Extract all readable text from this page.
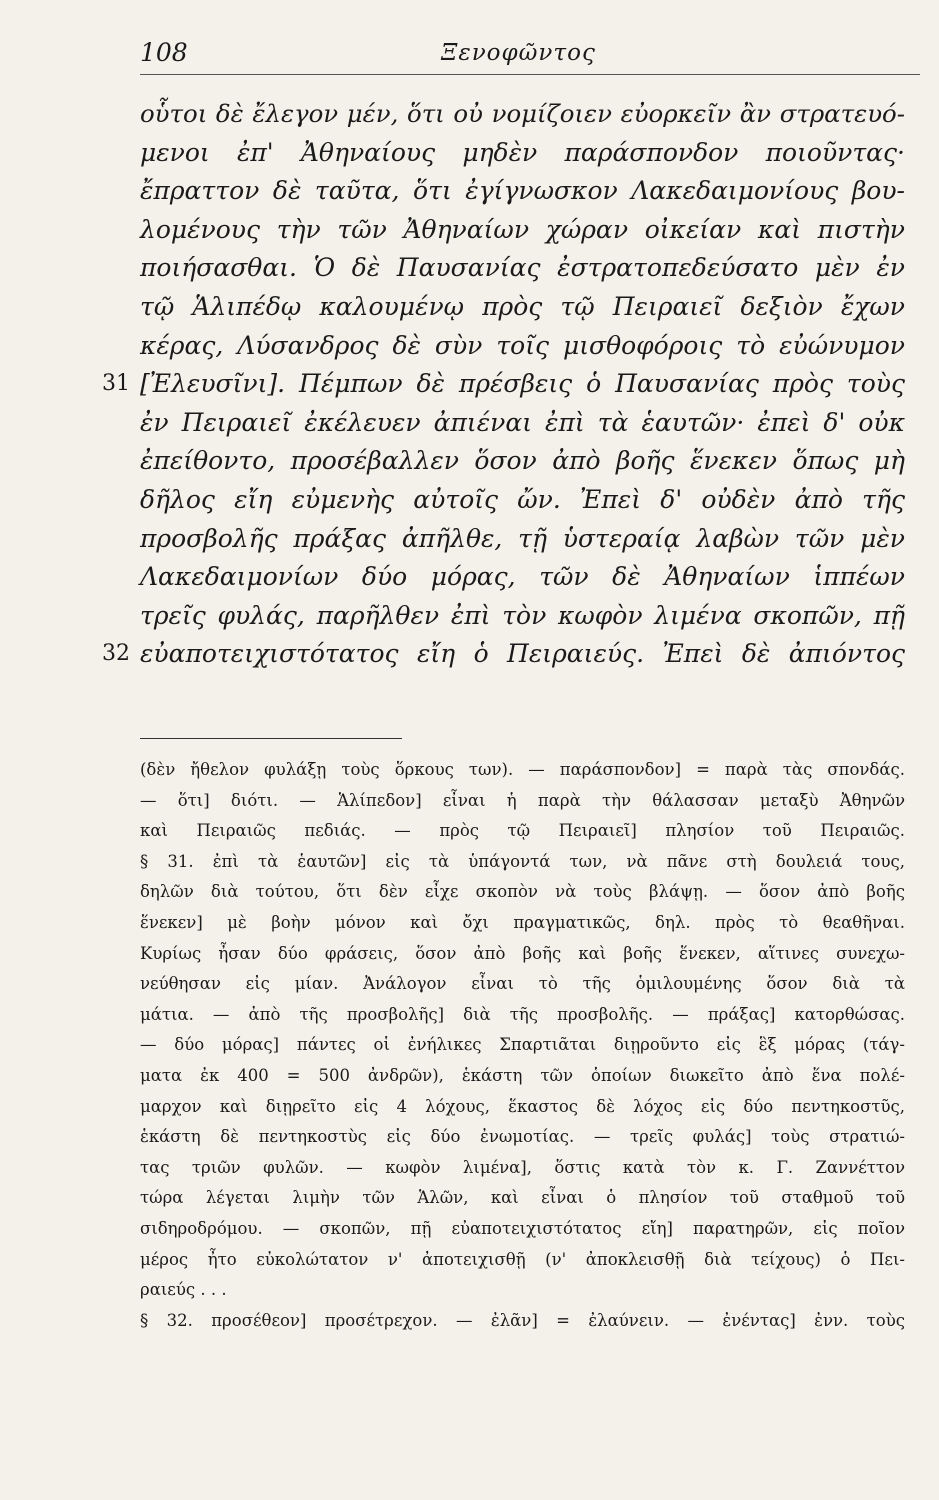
108	Ξενοφῶντος
οὗτοι δὲ ἔλεγον μέν, ὅτι οὐ νομίζοιεν εὐορκεῖν ἂν στρατευό-
μενοι ἐπ' Ἀθηναίους μηδὲν παράσπονδον ποιοῦντας·
ἔπραττον δὲ ταῦτα, ὅτι ἐγίγνωσκον Λακεδαιμονίους βου-
λομένους τὴν τῶν Ἀθηναίων χώραν οἰκείαν καὶ πιστὴν
ποιήσασθαι. Ὁ δὲ Παυσανίας ἐστρατοπεδεύσατο μὲν ἐν
τῷ Ἁλιπέδῳ καλουμένῳ πρὸς τῷ Πειραιεῖ δεξιὸν ἔχων
κέρας, Λύσανδρος δὲ σὺν τοῖς μισθοφόροις τὸ εὐώνυμον
31 [Ἐλευσῖνι]. Πέμπων δὲ πρέσβεις ὁ Παυσανίας πρὸς τοὺς
ἐν Πειραιεῖ ἐκέλευεν ἀπιέναι ἐπὶ τὰ ἑαυτῶν· ἐπεὶ δ' οὐκ
ἐπείθοντο, προσέβαλλεν ὅσον ἀπὸ βοῆς ἕνεκεν ὅπως μὴ
δῆλος εἴη εὐμενὴς αὐτοῖς ὤν. Ἐπεὶ δ' οὐδὲν ἀπὸ τῆς
προσβολῆς πράξας ἀπῆλθε, τῇ ὑστεραίᾳ λαβὼν τῶν μὲν
Λακεδαιμονίων δύο μόρας, τῶν δὲ Ἀθηναίων ἱππέων
τρεῖς φυλάς, παρῆλθεν ἐπὶ τὸν κωφὸν λιμένα σκοπῶν, πῇ
32 εὐαποτειχιστότατος εἴη ὁ Πειραιεύς. Ἐπεὶ δὲ ἀπιόντος
(δὲν ἤθελον φυλάξῃ τοὺς ὅρκους των). — παράσπονδον] = παρὰ τὰς σπονδάς.
— ὅτι] διότι. — Ἁλίπεδον] εἶναι ἡ παρὰ τὴν θάλασσαν μεταξὺ Ἀθηνῶν
καὶ Πειραιῶς πεδιάς. — πρὸς τῷ Πειραιεῖ] πλησίον τοῦ Πειραιῶς.
§ 31. ἐπὶ τὰ ἑαυτῶν] εἰς τὰ ὑπάγοντά των, νὰ πᾶνε στὴ δουλειά τους,
δηλῶν διὰ τούτου, ὅτι δὲν εἶχε σκοπὸν νὰ τοὺς βλάψῃ. — ὅσον ἀπὸ βοῆς
ἕνεκεν] μὲ βοὴν μόνον καὶ ὄχι πραγματικῶς, δηλ. πρὸς τὸ θεαθῆναι.
Κυρίως ἦσαν δύο φράσεις, ὅσον ἀπὸ βοῆς καὶ βοῆς ἕνεκεν, αἵτινες συνεχω-
νεύθησαν εἰς μίαν. Ἀνάλογον εἶναι τὸ τῆς ὁμιλουμένης ὅσον διὰ τὰ
μάτια. — ἀπὸ τῆς προσβολῆς] διὰ τῆς προσβολῆς. — πράξας] κατορθώσας.
— δύο μόρας] πάντες οἱ ἐνήλικες Σπαρτιᾶται διῃροῦντο εἰς ἓξ μόρας (τάγ-
ματα ἐκ 400 = 500 ἀνδρῶν), ἑκάστη τῶν ὁποίων διωκεῖτο ἀπὸ ἕνα πολέ-
μαρχον καὶ διῃρεῖτο εἰς 4 λόχους, ἕκαστος δὲ λόχος εἰς δύο πεντηκοστῦς,
ἑκάστη δὲ πεντηκοστὺς εἰς δύο ἐνωμοτίας. — τρεῖς φυλάς] τοὺς στρατιώ-
τας τριῶν φυλῶν. — κωφὸν λιμένα], ὅστις κατὰ τὸν κ. Γ. Ζαννέττον
τώρα λέγεται λιμὴν τῶν Ἁλῶν, καὶ εἶναι ὁ πλησίον τοῦ σταθμοῦ τοῦ
σιδηροδρόμου. — σκοπῶν, πῇ εὐαποτειχιστότατος εἴη] παρατηρῶν, εἰς ποῖον
μέρος ἦτο εὐκολώτατον ν' ἀποτειχισθῇ (ν' ἀποκλεισθῇ διὰ τείχους) ὁ Πει-
ραιεύς . . .
§ 32. προσέθεον] προσέτρεχον. — ἐλᾶν] = ἐλαύνειν. — ἐνέντας] ἐνν. τοὺς
